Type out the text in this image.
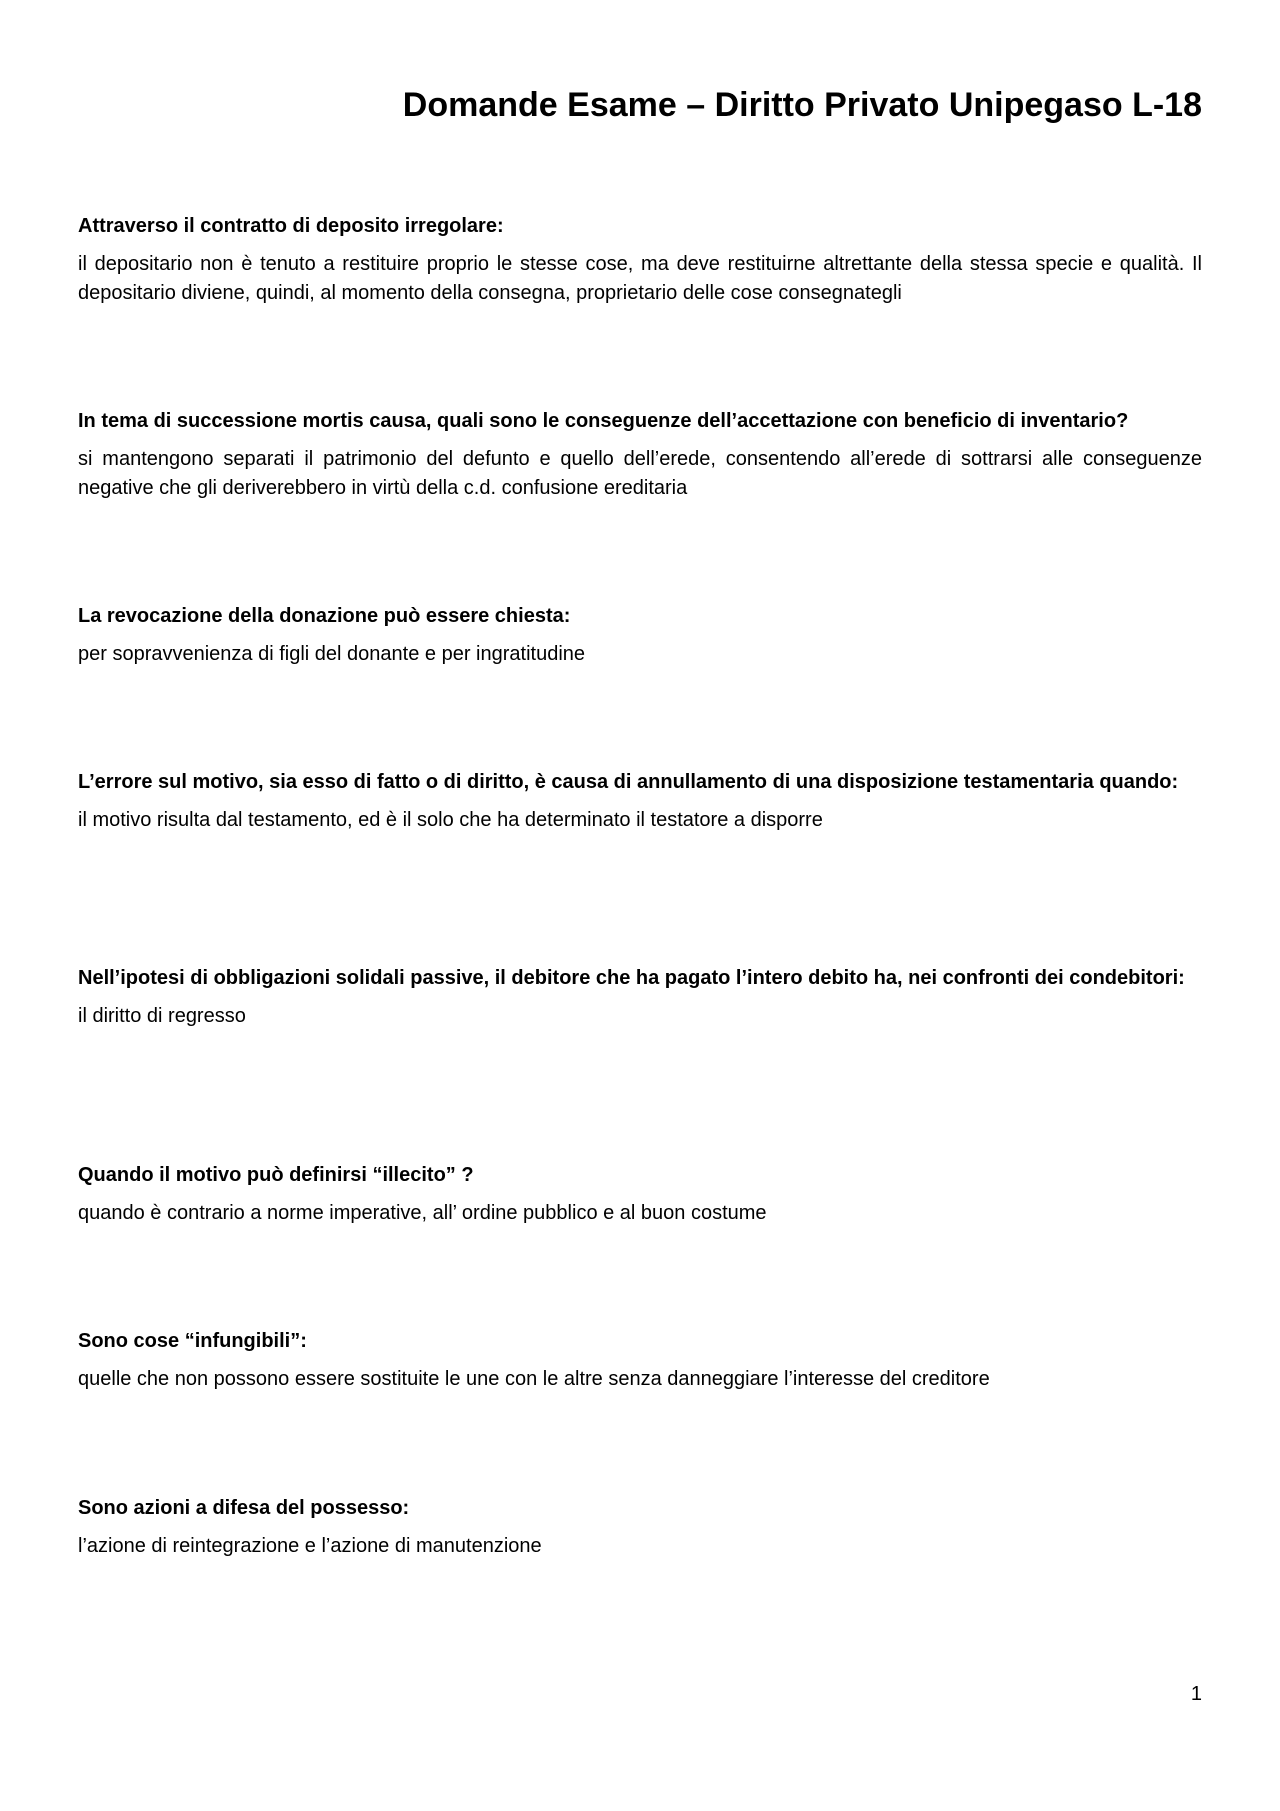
Domande Esame – Diritto Privato Unipegaso L-18

Attraverso il contratto di deposito irregolare:

il depositario non è tenuto a restituire proprio le stesse cose, ma deve restituirne altrettante della stessa specie e qualità. Il depositario diviene, quindi, al momento della consegna, proprietario delle cose consegnategli

In tema di successione mortis causa, quali sono le conseguenze dell’accettazione con beneficio di inventario?

si mantengono separati il patrimonio del defunto e quello dell’erede, consentendo all’erede di sottrarsi alle conseguenze negative che gli deriverebbero in virtù della c.d. confusione ereditaria

La revocazione della donazione può essere chiesta:

per sopravvenienza di figli del donante e per ingratitudine

L’errore sul motivo, sia esso di fatto o di diritto, è causa di annullamento di una disposizione testamentaria quando:

il motivo risulta dal testamento, ed è il solo che ha determinato il testatore a disporre

Nell’ipotesi di obbligazioni solidali passive, il debitore che ha pagato l’intero debito ha, nei confronti dei condebitori:

il diritto di regresso

Quando il motivo può definirsi “illecito” ?

quando è contrario a norme imperative, all’ ordine pubblico e al buon costume

Sono cose “infungibili”:

quelle che non possono essere sostituite le une con le altre senza danneggiare l’interesse del creditore

Sono azioni a difesa del possesso:

l’azione di reintegrazione e l’azione di manutenzione

1
